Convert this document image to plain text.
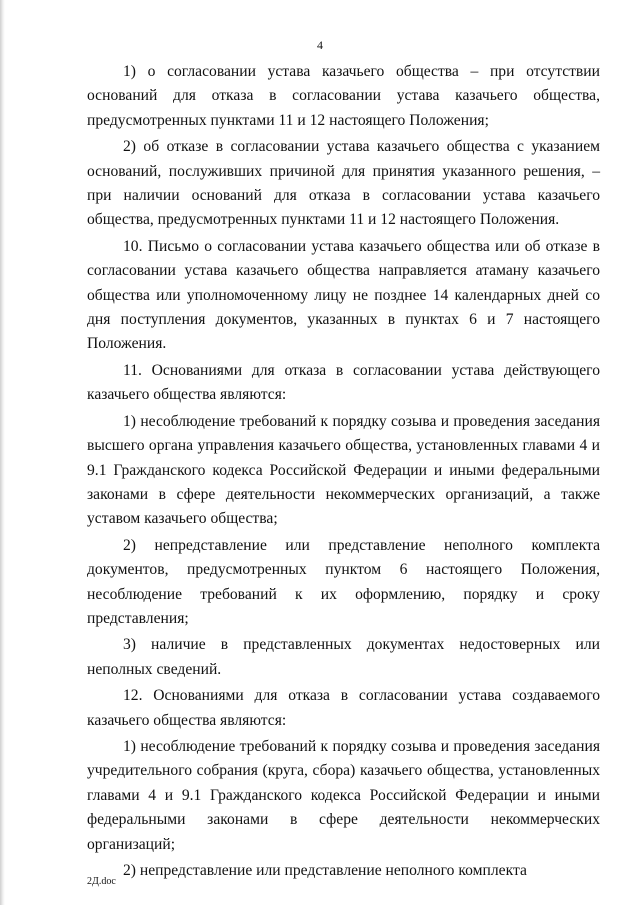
4

1) о согласовании устава казачьего общества – при отсутствии оснований для отказа в согласовании устава казачьего общества, предусмотренных пунктами 11 и 12 настоящего Положения;

2) об отказе в согласовании устава казачьего общества с указанием оснований, послуживших причиной для принятия указанного решения, – при наличии оснований для отказа в согласовании устава казачьего общества, предусмотренных пунктами 11 и 12 настоящего Положения.

10. Письмо о согласовании устава казачьего общества или об отказе в согласовании устава казачьего общества направляется атаману казачьего общества или уполномоченному лицу не позднее 14 календарных дней со дня поступления документов, указанных в пунктах 6 и 7 настоящего Положения.

11. Основаниями для отказа в согласовании устава действующего казачьего общества являются:

1) несоблюдение требований к порядку созыва и проведения заседания высшего органа управления казачьего общества, установленных главами 4 и 9.1 Гражданского кодекса Российской Федерации и иными федеральными законами в сфере деятельности некоммерческих организаций, а также уставом казачьего общества;

2) непредставление или представление неполного комплекта документов, предусмотренных пунктом 6 настоящего Положения, несоблюдение требований к их оформлению, порядку и сроку представления;

3) наличие в представленных документах недостоверных или неполных сведений.

12. Основаниями для отказа в согласовании устава создаваемого казачьего общества являются:

1) несоблюдение требований к порядку созыва и проведения заседания учредительного собрания (круга, сбора) казачьего общества, установленных главами 4 и 9.1 Гражданского кодекса Российской Федерации и иными федеральными законами в сфере деятельности некоммерческих организаций;

2) непредставление или представление неполного комплекта

2Д.doc
